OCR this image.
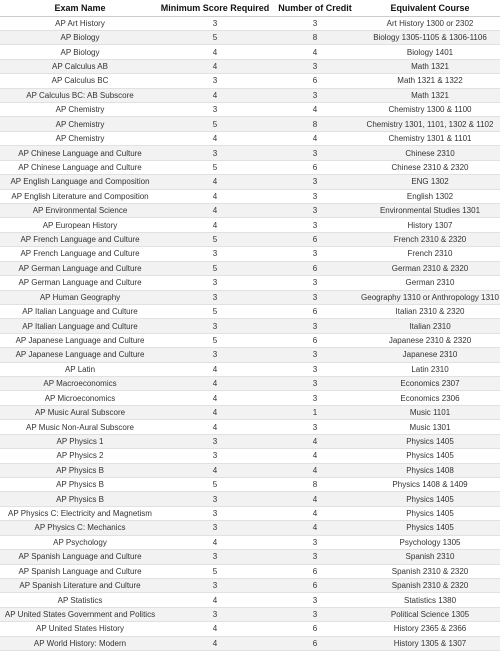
Exam Name	Minimum Score Required	Number of Credit	Equivalent Course
AP Art History	3	3	Art History 1300 or 2302
AP Biology	5	8	Biology 1305-1105 & 1306-1106
AP Biology	4	4	Biology 1401
AP Calculus AB	4	3	Math 1321
AP Calculus BC	3	6	Math 1321 & 1322
AP Calculus BC: AB Subscore	4	3	Math 1321
AP Chemistry	3	4	Chemistry 1300 & 1100
AP Chemistry	5	8	Chemistry 1301, 1101, 1302 & 1102
AP Chemistry	4	4	Chemistry 1301 & 1101
AP Chinese Language and Culture	3	3	Chinese 2310
AP Chinese Language and Culture	5	6	Chinese 2310 & 2320
AP English Language and Composition	4	3	ENG 1302
AP English Literature and Composition	4	3	English 1302
AP Environmental Science	4	3	Environmental Studies 1301
AP European History	4	3	History 1307
AP French Language and Culture	5	6	French 2310 & 2320
AP French Language and Culture	3	3	French 2310
AP German Language and Culture	5	6	German 2310 & 2320
AP German Language and Culture	3	3	German 2310
AP Human Geography	3	3	Geography 1310 or Anthropology 1310
AP Italian Language and Culture	5	6	Italian 2310 & 2320
AP Italian Language and Culture	3	3	Italian 2310
AP Japanese Language and Culture	5	6	Japanese 2310 & 2320
AP Japanese Language and Culture	3	3	Japanese 2310
AP Latin	4	3	Latin 2310
AP Macroeconomics	4	3	Economics 2307
AP Microeconomics	4	3	Economics 2306
AP Music Aural Subscore	4	1	Music 1101
AP Music Non-Aural Subscore	4	3	Music 1301
AP Physics 1	3	4	Physics 1405
AP Physics 2	3	4	Physics 1405
AP Physics B	4	4	Physics 1408
AP Physics B	5	8	Physics 1408 & 1409
AP Physics B	3	4	Physics 1405
AP Physics C: Electricity and Magnetism	3	4	Physics 1405
AP Physics C: Mechanics	3	4	Physics 1405
AP Psychology	4	3	Psychology 1305
AP Spanish Language and Culture	3	3	Spanish 2310
AP Spanish Language and Culture	5	6	Spanish 2310 & 2320
AP Spanish Literature and Culture	3	6	Spanish 2310 & 2320
AP Statistics	4	3	Statistics 1380
AP United States Government and Politics	3	3	Political Science 1305
AP United States History	4	6	History 2365 & 2366
AP World History: Modern	4	6	History 1305 & 1307
